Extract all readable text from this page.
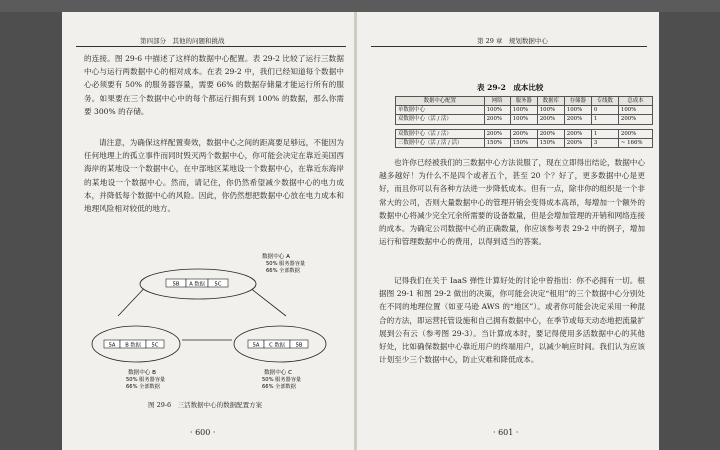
第四部分　其他的问题和挑战
的连接。图 29-6 中描述了这样的数据中心配置。表 29-2 比较了运行三数据中心与运行两数据中心的相对成本。在表 29-2 中，我们已经知道每个数据中心必须要有 50% 的服务器容量，需要 66% 的数据存储量才能运行所有的服务。如果要在三个数据中心中的每个都运行拥有到 100% 的数据，那么你需要 300% 的存储。
请注意，为确保这样配置奏效，数据中心之间的距离要足够远，不能因为任何地理上的孤立事件而同时毁灭两个数据中心，你可能会决定在靠近美国西海岸的某地设一个数据中心，在中部地区某地设一个数据中心，在靠近东海岸的某地设一个数据中心。然而，请记住，你仍然希望减少数据中心的电力成本，并降低每个数据中心的风险。因此，你仍然想把数据中心放在电力成本和地理风险相对较低的地方。
5B A 数据 5C
数据中心 A
50% 服务器容量
66% 全部数据
5A B 数据 5C
数据中心 B
50% 服务器容量
66% 全部数据
5A C 数据 5B
数据中心 C
50% 服务器容量
66% 全部数据
图 29-6　三活数据中心的数据配置方案
· 600 ·
第 29 章　规划数据中心
表 29-2　成本比较
数据中心配置	网络	服务器	数据库	存储器	专线数	总成本
单数据中心	100%	100%	100%	100%	0	100%
双数据中心（活 / 活）	200%	100%	200%	200%	1	200%

双数据中心（活 / 活）	200%	200%	200%	200%	1	200%
三数据中心（活 / 活 / 活）	150%	150%	150%	200%	3	~ 166%
也许你已经被我们的三数据中心方法说服了，现在立即得出结论，数据中心越多越好！为什么不是四个或者五个，甚至 20 个？好了，更多数据中心是更好，而且你可以有各种方法进一步降低成本。但有一点，除非你的组织是一个非常大的公司，否则大量数据中心的管理开销会变得成本高昂，每增加一个额外的数据中心将减少完全冗余所需要的设备数量，但是会增加管理的开销和网络连接的成本。为确定公司数据中心的正确数量，你应该参考表 29-2 中的例子，增加运行和管理数据中心的费用，以得到适当的答案。
记得我们在关于 IaaS 弹性计算好处的讨论中曾指出：你不必拥有一切。根据图 29-1 和图 29-2 做出的决策，你可能会决定“租用”的三个数据中心分别处在不同的地理位置（如亚马逊 AWS 的“地区”）。或者你可能会决定采用一种混合的方法，即运营托管设施和自己拥有数据中心，在季节或每天动态地把流量扩展到公有云（参考图 29-3）。当计算成本时，要记得使用多活数据中心的其他好处，比如确保数据中心靠近用户的终端用户，以减少响应时间。我们认为应该计划至少三个数据中心，防止灾难和降低成本。
· 601 ·
